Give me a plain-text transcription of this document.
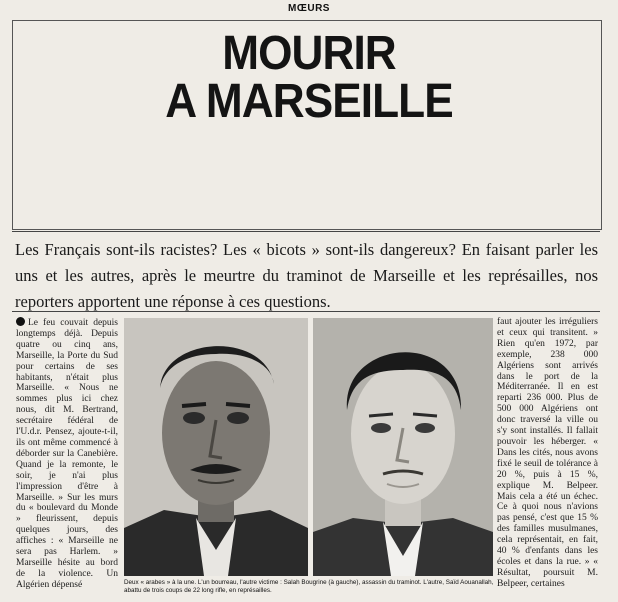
MŒURS
MOURIR
A MARSEILLE
Les Français sont-ils racistes? Les « bicots » sont-ils dangereux? En faisant parler les uns et les autres, après le meurtre du traminot de Marseille et les représailles, nos reporters apportent une réponse à ces questions.
Le feu couvait depuis longtemps déjà. Depuis quatre ou cinq ans, Marseille, la Porte du Sud pour certains de ses habitants, n'était plus Marseille. « Nous ne sommes plus ici chez nous, dit M. Bertrand, secrétaire fédéral de l'U.d.r. Pensez, ajoute-t-il, ils ont même commencé à déborder sur la Canebière. Quand je la remonte, le soir, je n'ai plus l'impression d'être à Marseille. » Sur les murs du « boulevard du Monde » fleurissent, depuis quelques jours, des affiches : « Marseille ne sera pas Harlem. » Marseille hésite au bord de la violence. Un Algérien dépensé	Deux « arabes » à la une. L'un bourreau, l'autre victime : Salah Bougrine (à gauche), assassin du traminot. L'autre, Saïd Aouanallah, abattu de trois coups de 22 long rifle, en représailles.
faut ajouter les irréguliers et ceux qui transitent. » Rien qu'en 1972, par exemple, 238 000 Algériens sont arrivés dans le port de la Méditerranée. Il en est reparti 236 000. Plus de 500 000 Algériens ont donc traversé la ville ou s'y sont installés. Il fallait pouvoir les héberger. « Dans les cités, nous avons fixé le seuil de tolérance à 20 %, puis à 15 %, explique M. Belpeer. Mais cela a été un échec. Ce à quoi nous n'avions pas pensé, c'est que 15 % des familles musulmanes, cela représentait, en fait, 40 % d'enfants dans les écoles et dans la rue. » « Résultat, poursuit M. Belpeer, certaines
